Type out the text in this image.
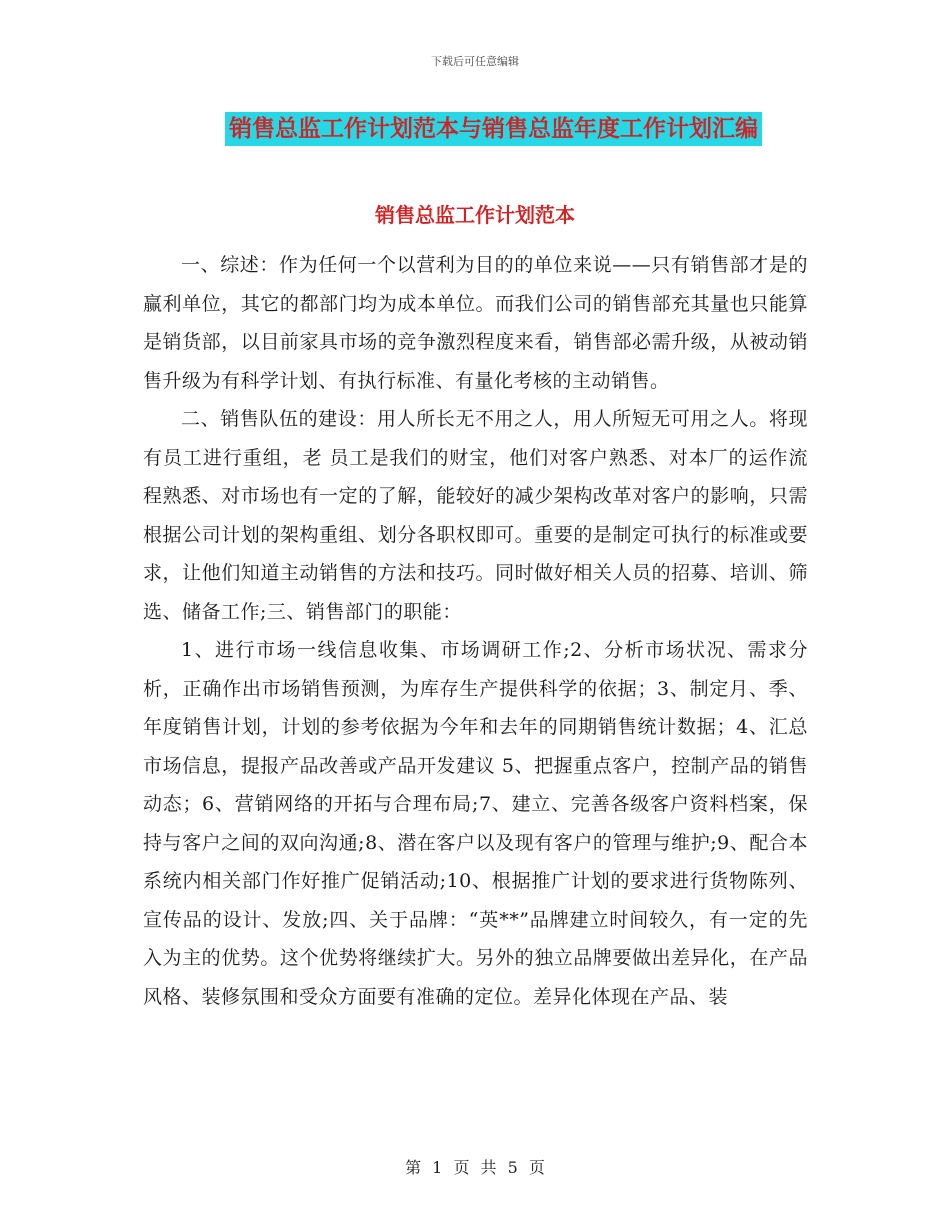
下载后可任意编辑
销售总监工作计划范本与销售总监年度工作计划汇编
销售总监工作计划范本

一、综述：作为任何一个以营利为目的的单位来说——只有销售部才是的赢利单位，其它的都部门均为成本单位。而我们公司的销售部充其量也只能算是销货部，以目前家具市场的竞争激烈程度来看，销售部必需升级，从被动销售升级为有科学计划、有执行标准、有量化考核的主动销售。

二、销售队伍的建设：用人所长无不用之人，用人所短无可用之人。将现有员工进行重组，老 员工是我们的财宝，他们对客户熟悉、对本厂的运作流程熟悉、对市场也有一定的了解，能较好的减少架构改革对客户的影响，只需根据公司计划的架构重组、划分各职权即可。重要的是制定可执行的标准或要求，让他们知道主动销售的方法和技巧。同时做好相关人员的招募、培训、筛选、储备工作;三、销售部门的职能：

1、进行市场一线信息收集、市场调研工作;2、分析市场状况、需求分析，正确作出市场销售预测，为库存生产提供科学的依据；3、制定月、季、年度销售计划，计划的参考依据为今年和去年的同期销售统计数据；4、汇总市场信息，提报产品改善或产品开发建议 5、把握重点客户，控制产品的销售动态；6、营销网络的开拓与合理布局;7、建立、完善各级客户资料档案，保持与客户之间的双向沟通;8、潜在客户以及现有客户的管理与维护;9、配合本系统内相关部门作好推广促销活动;10、根据推广计划的要求进行货物陈列、宣传品的设计、发放;四、关于品牌：“英**”品牌建立时间较久，有一定的先入为主的优势。这个优势将继续扩大。另外的独立品牌要做出差异化，在产品风格、装修氛围和受众方面要有准确的定位。差异化体现在产品、装

第 1 页 共 5 页
